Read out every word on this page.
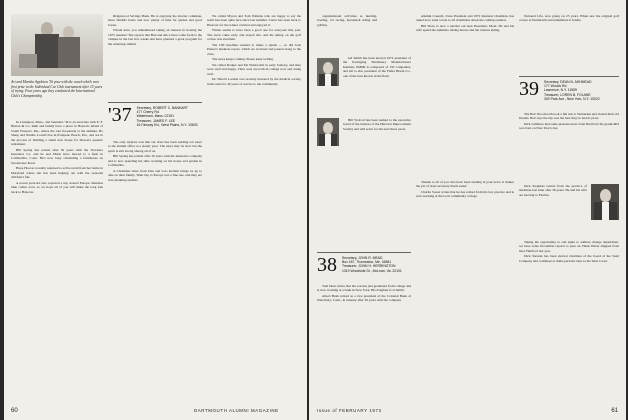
Art and Marsha Appleton '36 pose with the coach which won first prize in the Individual Car Club tournament after 15 years of trying. Four years ago they conducted the International Club's Championship.

In Lexington, Mass., and Saunders '36 is an associate with E. F. Hutton & Co. Ruth and family have a place in Boston's Island of South Freeport, Me., where the tour frequently is the summer. Bo Sharp and Natalie Lowell live in Pompano Beach, Mo., and are in the process of building a small new house for Sharon's parents' retirement.

Bill Spring has retired after 30 years with the Travelers Insurance Co. and he and Marie have moved to a farm in Collinsville, Conn. He's now busy scheduling a farmhouse on Sweetwater Pond.

Hope Hoover recently returned to active retail from her home in Maryland where she has been helping out with the seasonal children's fair.

A recent postcard also reported a trip around Europe. Reunion time comes soon, so we hope all of you will make the long trek back to Hanover.

Ridgewood Savings Bank. He is enjoying the shorter commute, more flexible hours and now plenty of time for garden and good books.

Whom have you remembered taking an interest in hosting the 1975 reunion? She reports that Bud and Alice have come forth to the campus in the last few weeks and have planned a great program for the returning alumni.

'37 Secretary, ROBERT C. BANKART
477 Cherry Rd.
Watertown, Mass. 02191
Treasurer, JAMES F. LEE
16 Fairway Rd., West Plains, N.Y. 10603

The only surprise was that our class has been sending out news to the alumni office at a steady pace. The news may be slow but the spirit is still strong among all of us.

Bill Spring has retired after 30 years with the insurance company and is now spending his time working on his house and garden in Collinsville.

A Christmas letter from Dan and Lois Kellam brings us up to date on their family. Their trip to Europe was a fine one, and they are now planning another.

We called Myron and Tom Watkins who are happy to say the north has been quite nice since last summer. Carter has been back to Hanover for the winter carnival and enjoyed it.

Winter seems to have been a good one for everyone this year. The snow came early and stayed late, and the skiing on the golf course was excellent.

The UPI headline seemed to make a splash — so did Jack Parker's business report, which we received and passed along to the class.

The news keeps coming. Please keep writing.

We called Rodger and Pat Wentworth in early January, and they were well and happy. Their sons are both in college now and doing well.

Dr. Harold Loomis was recently honored by the medical society in his state for 40 years of service to the community.

60	DARTMOUTH ALUMNI MAGAZINE

organizational activities as hunting, boating, car racing, horseback riding and golfing.

Gil Smith has been elected 1972 president of the Packaging Machinery Manufacturers Institute. PMMI is composed of 150 companies, and Gil is also president of the Fuller Brush Co., one of the best known in the field.

Bill Wolcott has been named to the executive board of the trustees of the Hanover Improvement Society and will serve for the next three years.

38 Secretary, JOHN R. MEAD
Box 187, Thomaston, Me. 04861
Treasurer, JOHN H. HERRINGTON
1319 Woodside Dr., McLean, Va. 22101

Tom Dent writes that his son has just graduated from college and is now working at a bank in New York. His daughter is at Smith.

Albert Bush retired as a vice president of the Colonial Bank of Waterbury, Conn., in January after 36 years with the company.

Alumni Council, Class President and 1972 Reunion Chairman, has asked us to send a note to all classmates about the coming reunion.

Bill Shaw is now a rancher out near Bozeman, Mont. He and his wife spend the summers raising horses and the winters skiing.

Thanks to all of you who have been sending in your news. It makes the job of class secretary much easier.

Charlie Sweet writes that he has retired from his law practice and is now teaching at the local community college.

National Life, now going on 25 years. Ethan saw the original golf course at Dartmouth and remembers it fondly.

39 Secretary, DEAN N. ASHMEAD
177 Woods Rd.
Lawrence, N.Y. 11559
Treasurer, LOREN B. FOLANE
300 Park Ave., New York, N.Y. 10022

The Bob Woodworth took a fall trip to Nantucket and visited their old friends. Bob says the trip was the best they've had in years.

Dick Gillmore had some pleasant news from Hartford: his grandchild was born on New Year's day.

Dick Stephens retired from the practice of medicine last June after 36 years. He and his wife are moving to Florida.

Taking the opportunity to add again to address change department, we have some November reports to pass on. Hank Weber shipped from New Hartford last year.

Dick Stevens has been elected chairman of the board of the Sand Company and continues to make periodic trips to the West Coast.

Issue of FEBRUARY 1973	61
